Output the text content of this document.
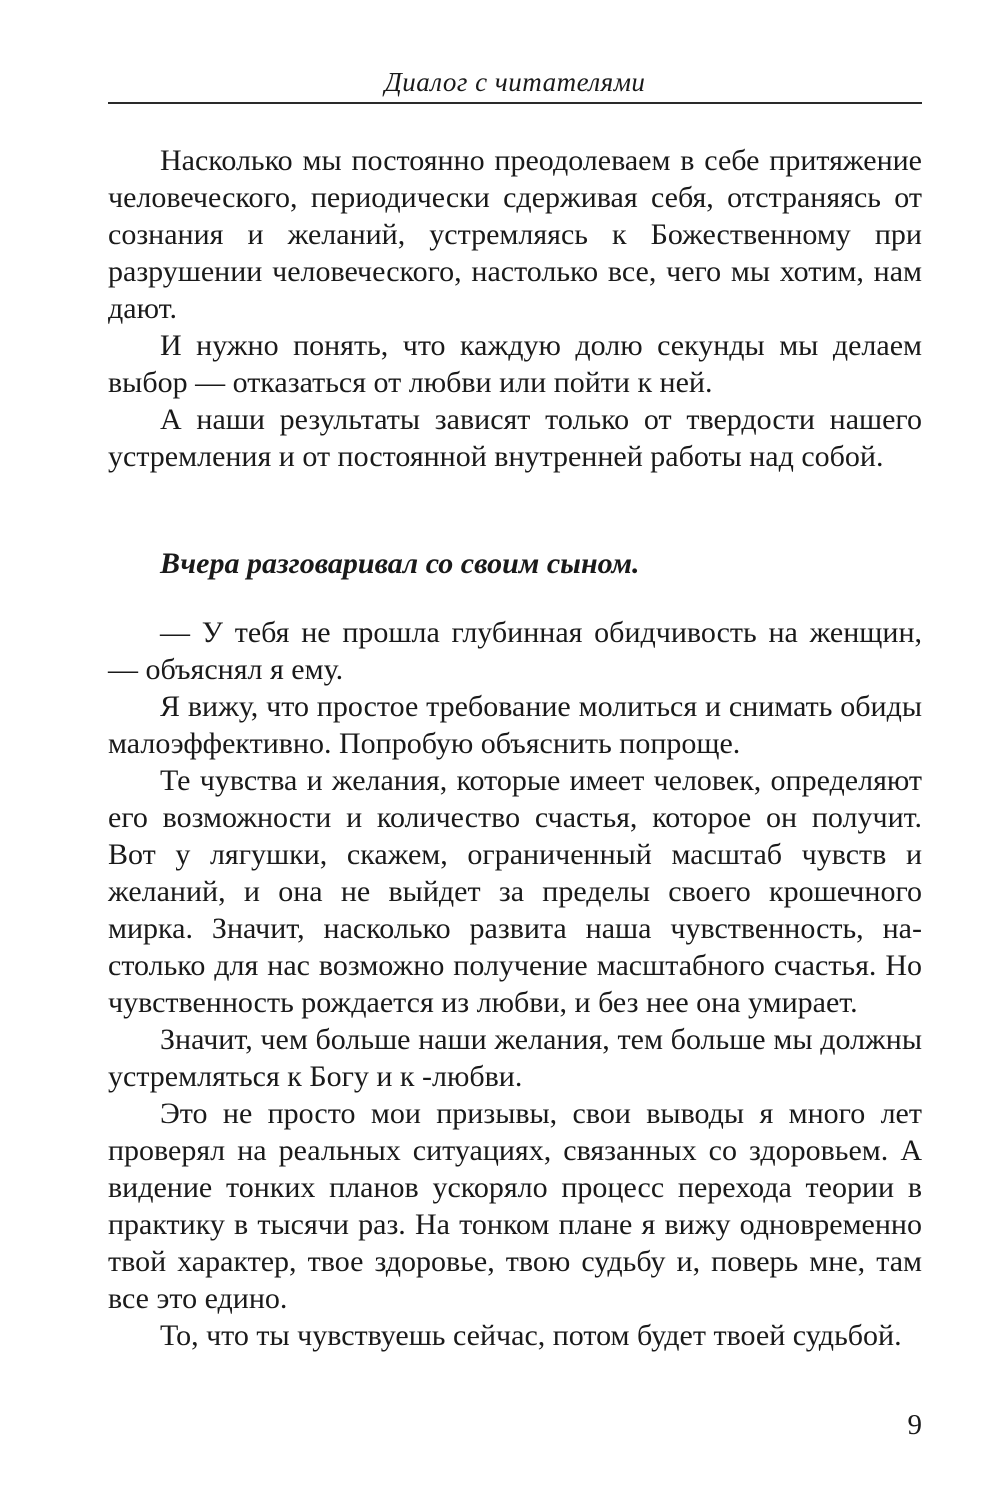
Диалог с читателями

Насколько мы постоянно преодолеваем в себе притяжение человеческого, периодически сдерживая себя, отстраняясь от сознания и желаний, устремляясь к Божественному при разрушении человеческого, настолько все, чего мы хотим, нам дают.

И нужно понять, что каждую долю секунды мы делаем выбор — отказаться от любви или пойти к ней.

А наши результаты зависят только от твердости нашего устремления и от постоянной внутренней работы над собой.

Вчера разговаривал со своим сыном.

— У тебя не прошла глубинная обидчивость на женщин, — объяснял я ему.

Я вижу, что простое требование молиться и снимать обиды малоэффективно. Попробую объяснить попроще.

Те чувства и желания, которые имеет человек, определяют его возможности и количество счастья, которое он получит. Вот у лягушки, скажем, ограниченный масштаб чувств и желаний, и она не выйдет за пределы своего крошечного мирка. Значит, насколько развита наша чувственность, настолько для нас возможно получение масштабного счастья. Но чувственность рождается из любви, и без нее она умирает.

Значит, чем больше наши желания, тем больше мы должны устремляться к Богу и к -любви.

Это не просто мои призывы, свои выводы я много лет проверял на реальных ситуациях, связанных со здоровьем. А видение тонких планов ускоряло процесс перехода теории в практику в тысячи раз. На тонком плане я вижу одновременно твой характер, твое здоровье, твою судьбу и, поверь мне, там все это едино.

То, что ты чувствуешь сейчас, потом будет твоей судьбой.

9
